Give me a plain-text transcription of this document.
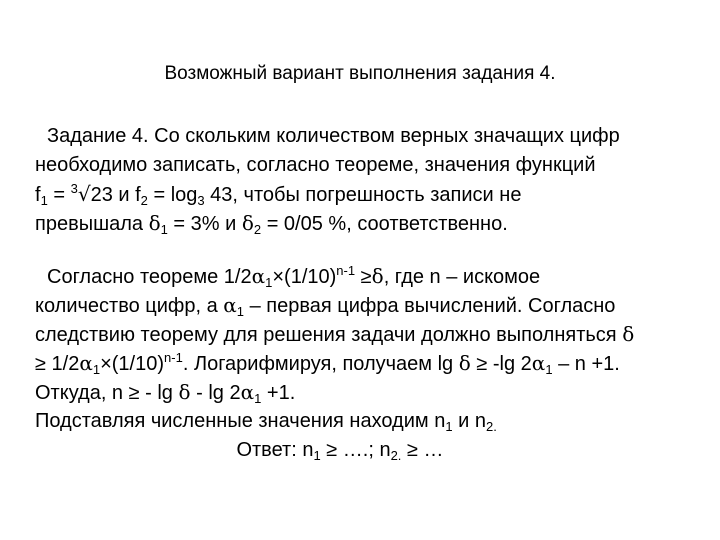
Возможный вариант выполнения задания 4.
Задание 4. Со скольким количеством верных значащих цифр
необходимо записать, согласно теореме, значения функций
$f_1 = ^3√23$ и $f_2 = \log_3 43$, чтобы погрешность записи не
превышала $\delta_1 = 3\%$ и $\delta_2 = 0/05$ %, соответственно.
Согласно теореме $1/2\alpha_1\times(1/10)^{n-1} \ge\delta$, где n – искомое
количество цифр, а $\alpha_1$ – первая цифра вычислений. Согласно
следствию теорему для решения задачи должно выполняться δ
≥ $1/2\alpha_1\times(1/10)^{n-1}$. Логарифмируя, получаем lg δ ≥ -lg $2\alpha_1 - n +1$.
Откуда, n ≥ - $\lg \delta - \lg 2\alpha_1 +1$.
Подставляя численные значения находим $n_1$ и $n_{2.}$
Ответ: $n_1$ ≥ ….; $n_{2.}$ ≥ …
